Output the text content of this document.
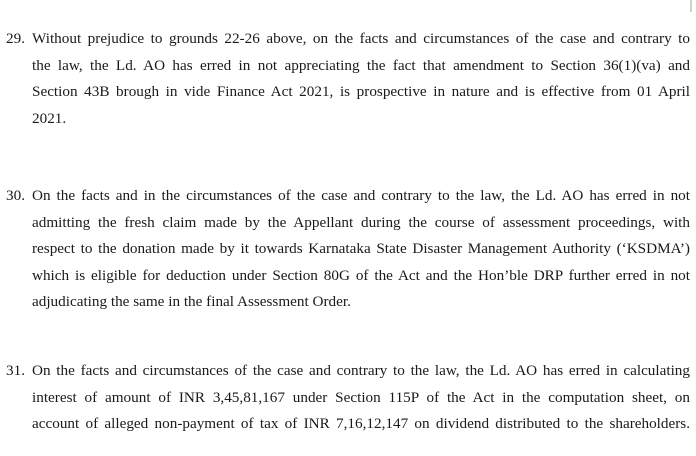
29. Without prejudice to grounds 22-26 above, on the facts and circumstances of the case and contrary to
the law, the Ld. AO has erred in not appreciating the fact that amendment to Section 36(1)(va) and
Section 43B brough in vide Finance Act 2021, is prospective in nature and is effective from 01 April
2021.
30. On the facts and in the circumstances of the case and contrary to the law, the Ld. AO has erred in not
admitting the fresh claim made by the Appellant during the course of assessment proceedings, with
respect to the donation made by it towards Karnataka State Disaster Management Authority (‘KSDMA’)
which is eligible for deduction under Section 80G of the Act and the Hon’ble DRP further erred in not
adjudicating the same in the final Assessment Order.
31. On the facts and circumstances of the case and contrary to the law, the Ld. AO has erred in calculating
interest of amount of INR 3,45,81,167 under Section 115P of the Act in the computation sheet, on
account of alleged non-payment of tax of INR 7,16,12,147 on dividend distributed to the shareholders.
